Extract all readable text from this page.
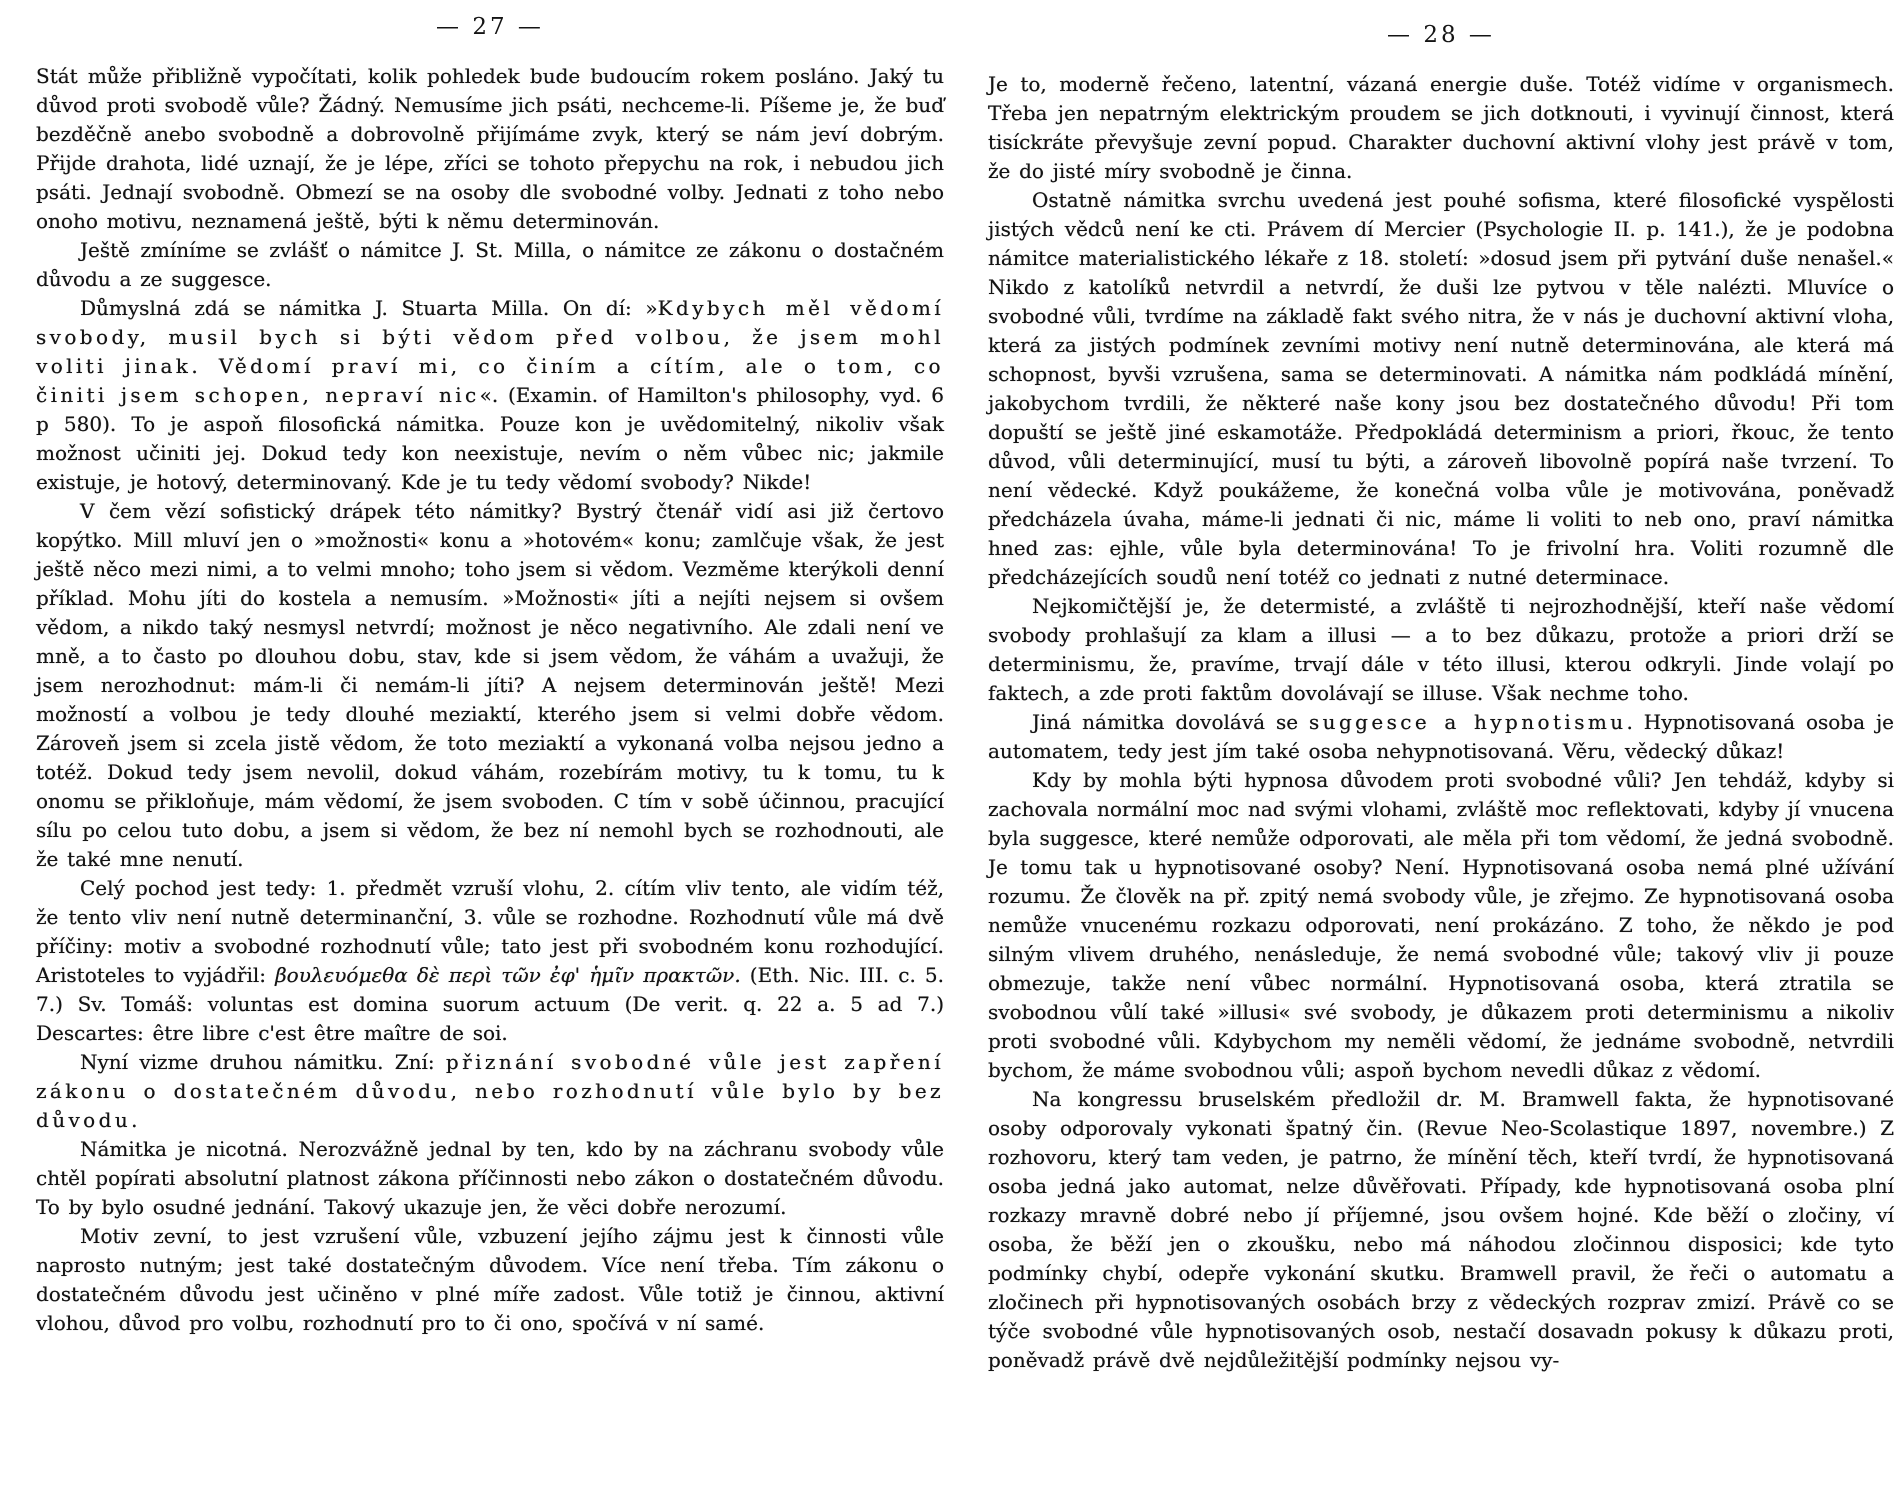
— 27 —

Stát může přibližně vypočítati, kolik pohledek bude budoucím rokem posláno. Jaký tu důvod proti svobodě vůle? Žádný. Nemusíme jich psáti, nechceme-li. Píšeme je, že buď bezděčně anebo svobodně a dobrovolně přijímáme zvyk, který se nám jeví dobrým. Přijde drahota, lidé uznají, že je lépe, zříci se tohoto přepychu na rok, i nebudou jich psáti. Jednají svobodně. Obmezí se na osoby dle svobodné volby. Jednati z toho nebo onoho motivu, neznamená ještě, býti k němu determinován.

Ještě zmíníme se zvlášť o námitce J. St. Milla, o námitce ze zákonu o dostačném důvodu a ze suggesce.

Důmyslná zdá se námitka J. Stuarta Milla. On dí: »Kdybych měl vědomí svobody, musil bych si býti vědom před volbou, že jsem mohl voliti jinak. Vědomí praví mi, co činím a cítím, ale o tom, co činiti jsem schopen, nepraví nic«. (Examin. of Hamilton's philosophy, vyd. 6 p 580). To je aspoň filosofická námitka. Pouze kon je uvědomitelný, nikoliv však možnost učiniti jej. Dokud tedy kon neexistuje, nevím o něm vůbec nic; jakmile existuje, je hotový, determinovaný. Kde je tu tedy vědomí svobody? Nikde!

V čem vězí sofistický drápek této námitky? Bystrý čtenář vidí asi již čertovo kopýtko. Mill mluví jen o »možnosti« konu a »hotovém« konu; zamlčuje však, že jest ještě něco mezi nimi, a to velmi mnoho; toho jsem si vědom. Vezměme kterýkoli denní příklad. Mohu jíti do kostela a nemusím. »Možnosti« jíti a nejíti nejsem si ovšem vědom, a nikdo taký nesmysl netvrdí; možnost je něco negativního. Ale zdali není ve mně, a to často po dlouhou dobu, stav, kde si jsem vědom, že váhám a uvažuji, že jsem nerozhodnut: mám-li či nemám-li jíti? A nejsem determinován ještě! Mezi možností a volbou je tedy dlouhé meziaktí, kterého jsem si velmi dobře vědom. Zároveň jsem si zcela jistě vědom, že toto meziaktí a vykonaná volba nejsou jedno a totéž. Dokud tedy jsem nevolil, dokud váhám, rozebírám motivy, tu k tomu, tu k onomu se přikloňuje, mám vědomí, že jsem svoboden. C tím v sobě účinnou, pracující sílu po celou tuto dobu, a jsem si vědom, že bez ní nemohl bych se rozhodnouti, ale že také mne nenutí.

Celý pochod jest tedy: 1. předmět vzruší vlohu, 2. cítím vliv tento, ale vidím též, že tento vliv není nutně determinanční, 3. vůle se rozhodne. Rozhodnutí vůle má dvě příčiny: motiv a svobodné rozhodnutí vůle; tato jest při svobodném konu rozhodující. Aristoteles to vyjádřil: βουλευόμεθα δὲ περὶ τῶν ἐφ' ἡμῖν πρακτῶν. (Eth. Nic. III. c. 5. 7.) Sv. Tomáš: voluntas est domina suorum actuum (De verit. q. 22 a. 5 ad 7.) Descartes: être libre c'est être maître de soi.

Nyní vizme druhou námitku. Zní: přiznání svobodné vůle jest zapření zákonu o dostatečném důvodu, nebo rozhodnutí vůle bylo by bez důvodu.

Námitka je nicotná. Nerozvážně jednal by ten, kdo by na záchranu svobody vůle chtěl popírati absolutní platnost zákona příčinnosti nebo zákon o dostatečném důvodu. To by bylo osudné jednání. Takový ukazuje jen, že věci dobře nerozumí.

Motiv zevní, to jest vzrušení vůle, vzbuzení jejího zájmu jest k činnosti vůle naprosto nutným; jest také dostatečným důvodem. Více není třeba. Tím zákonu o dostatečném důvodu jest učiněno v plné míře zadost. Vůle totiž je činnou, aktivní vlohou, důvod pro volbu, rozhodnutí pro to či ono, spočívá v ní samé.

— 28 —

Je to, moderně řečeno, latentní, vázaná energie duše. Totéž vidíme v organismech. Třeba jen nepatrným elektrickým proudem se jich dotknouti, i vyvinují činnost, která tisíckráte převyšuje zevní popud. Charakter duchovní aktivní vlohy jest právě v tom, že do jisté míry svobodně je činna.

Ostatně námitka svrchu uvedená jest pouhé sofisma, které filosofické vyspělosti jistých vědců není ke cti. Právem dí Mercier (Psychologie II. p. 141.), že je podobna námitce materialistického lékaře z 18. století: »dosud jsem při pytvání duše nenašel.« Nikdo z katolíků netvrdil a netvrdí, že duši lze pytvou v těle nalézti. Mluvíce o svobodné vůli, tvrdíme na základě fakt svého nitra, že v nás je duchovní aktivní vloha, která za jistých podmínek zevními motivy není nutně determinována, ale která má schopnost, byvši vzrušena, sama se determinovati. A námitka nám podkládá mínění, jakobychom tvrdili, že některé naše kony jsou bez dostatečného důvodu! Při tom dopuští se ještě jiné eskamotáže. Předpokládá determinism a priori, řkouc, že tento důvod, vůli determinující, musí tu býti, a zároveň libovolně popírá naše tvrzení. To není vědecké. Když poukážeme, že konečná volba vůle je motivována, poněvadž předcházela úvaha, máme-li jednati či nic, máme li voliti to neb ono, praví námitka hned zas: ejhle, vůle byla determinována! To je frivolní hra. Voliti rozumně dle předcházejících soudů není totéž co jednati z nutné determinace.

Nejkomičtější je, že determisté, a zvláště ti nejrozhodnější, kteří naše vědomí svobody prohlašují za klam a illusi — a to bez důkazu, protože a priori drží se determinismu, že, pravíme, trvají dále v této illusi, kterou odkryli. Jinde volají po faktech, a zde proti faktům dovolávají se illuse. Však nechme toho.

Jiná námitka dovolává se suggesce a hypnotismu. Hypnotisovaná osoba je automatem, tedy jest jím také osoba nehypnotisovaná. Věru, vědecký důkaz!

Kdy by mohla býti hypnosa důvodem proti svobodné vůli? Jen tehdáž, kdyby si zachovala normální moc nad svými vlohami, zvláště moc reflektovati, kdyby jí vnucena byla suggesce, které nemůže odporovati, ale měla při tom vědomí, že jedná svobodně. Je tomu tak u hypnotisované osoby? Není. Hypnotisovaná osoba nemá plné užívání rozumu. Že člověk na př. zpitý nemá svobody vůle, je zřejmo. Ze hypnotisovaná osoba nemůže vnucenému rozkazu odporovati, není prokázáno. Z toho, že někdo je pod silným vlivem druhého, nenásleduje, že nemá svobodné vůle; takový vliv ji pouze obmezuje, takže není vůbec normální. Hypnotisovaná osoba, která ztratila se svobodnou vůlí také »illusi« své svobody, je důkazem proti determinismu a nikoliv proti svobodné vůli. Kdybychom my neměli vědomí, že jednáme svobodně, netvrdili bychom, že máme svobodnou vůli; aspoň bychom nevedli důkaz z vědomí.

Na kongressu bruselském předložil dr. M. Bramwell fakta, že hypnotisované osoby odporovaly vykonati špatný čin. (Revue Neo-Scolastique 1897, novembre.) Z rozhovoru, který tam veden, je patrno, že mínění těch, kteří tvrdí, že hypnotisovaná osoba jedná jako automat, nelze důvěřovati. Případy, kde hypnotisovaná osoba plní rozkazy mravně dobré nebo jí příjemné, jsou ovšem hojné. Kde běží o zločiny, ví osoba, že běží jen o zkoušku, nebo má náhodou zločinnou disposici; kde tyto podmínky chybí, odepře vykonání skutku. Bramwell pravil, že řeči o automatu a zločinech při hypnotisovaných osobách brzy z vědeckých rozprav zmizí. Právě co se týče svobodné vůle hypnotisovaných osob, nestačí dosavadn pokusy k důkazu proti, poněvadž právě dvě nejdůležitější podmínky nejsou vy-
